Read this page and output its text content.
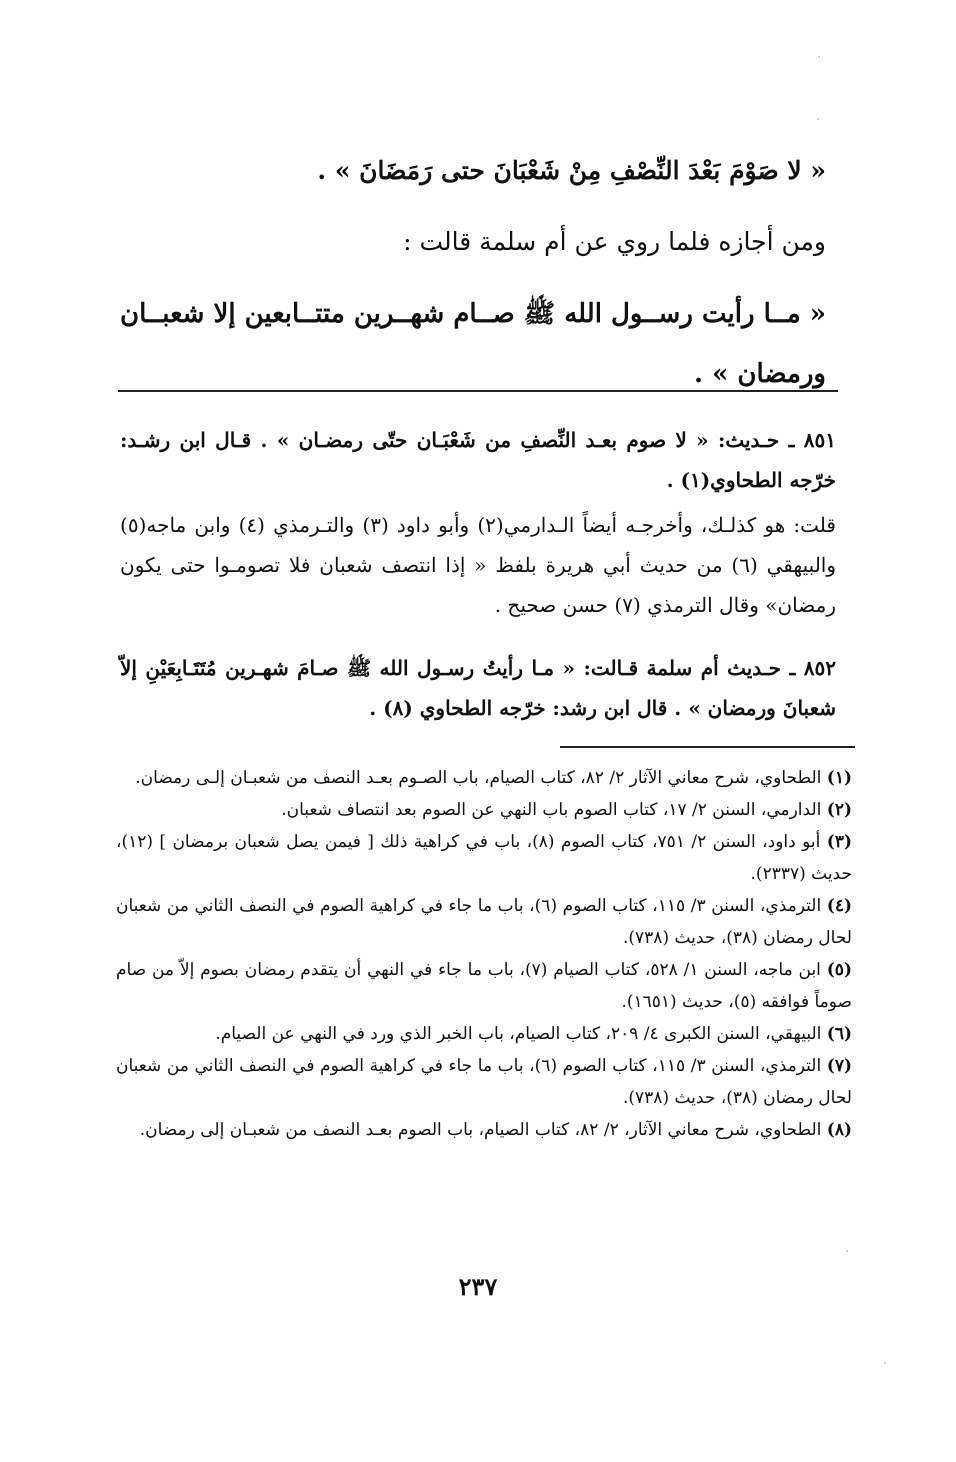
« لا صَوْمَ بَعْدَ النِّصْفِ مِنْ شَعْبَانَ حتى رَمَضَانَ » .
ومن أجازه فلما روي عن أم سلمة قالت :
« مــا رأيت رســول الله ﷺ صــام شهــرين متتــابعين إلا شعبــان ورمضان » .
٨٥١ ـ حـديث: « لا صوم بعـد النِّصفِ من شَعْبَـان حتّى رمضـان » . قـال ابن رشـد: خرّجه الطحاوي(١) .
قلت: هو كذلـك، وأخرجـه أيضاً الـدارمي(٢) وأبو داود (٣) والتـرمذي (٤) وابن ماجه(٥) والبيهقي (٦) من حديث أبي هريرة بلفظ « إذا انتصف شعبان فلا تصومـوا حتى يكون رمضان» وقال الترمذي (٧) حسن صحيح .
٨٥٢ ـ حـديث أم سلمة قـالت: « مـا رأيتُ رسـول الله ﷺ صـامَ شهـرين مُتَتَـابِعَيْنِ إلاّ شعبانَ ورمضان » . قال ابن رشد: خرّجه الطحاوي (٨) .
(١) الطحاوي، شرح معاني الآثار ٢/ ٨٢، كتاب الصيام، باب الصـوم بعـد النصف من شعبـان إلـى رمضان.
(٢) الدارمي، السنن ٢/ ١٧، كتاب الصوم باب النهي عن الصوم بعد انتصاف شعبان.
(٣) أبو داود، السنن ٢/ ٧٥١، كتاب الصوم (٨)، باب في كراهية ذلك [ فيمن يصل شعبان برمضان ] (١٢)، حديث (٢٣٣٧).
(٤) الترمذي، السنن ٣/ ١١٥، كتاب الصوم (٦)، باب ما جاء في كراهية الصوم في النصف الثاني من شعبان لحال رمضان (٣٨)، حديث (٧٣٨).
(٥) ابن ماجه، السنن ١/ ٥٢٨، كتاب الصيام (٧)، باب ما جاء في النهي أن يتقدم رمضان بصوم إلاّ من صام صوماً فوافقه (٥)، حديث (١٦٥١).
(٦) البيهقي، السنن الكبرى ٤/ ٢٠٩، كتاب الصيام، باب الخبر الذي ورد في النهي عن الصيام.
(٧) الترمذي، السنن ٣/ ١١٥، كتاب الصوم (٦)، باب ما جاء في كراهية الصوم في النصف الثاني من شعبان لحال رمضان (٣٨)، حديث (٧٣٨).
(٨) الطحاوي، شرح معاني الآثار، ٢/ ٨٢، كتاب الصيام، باب الصوم بعـد النصف من شعبـان إلى رمضان.
٢٣٧
